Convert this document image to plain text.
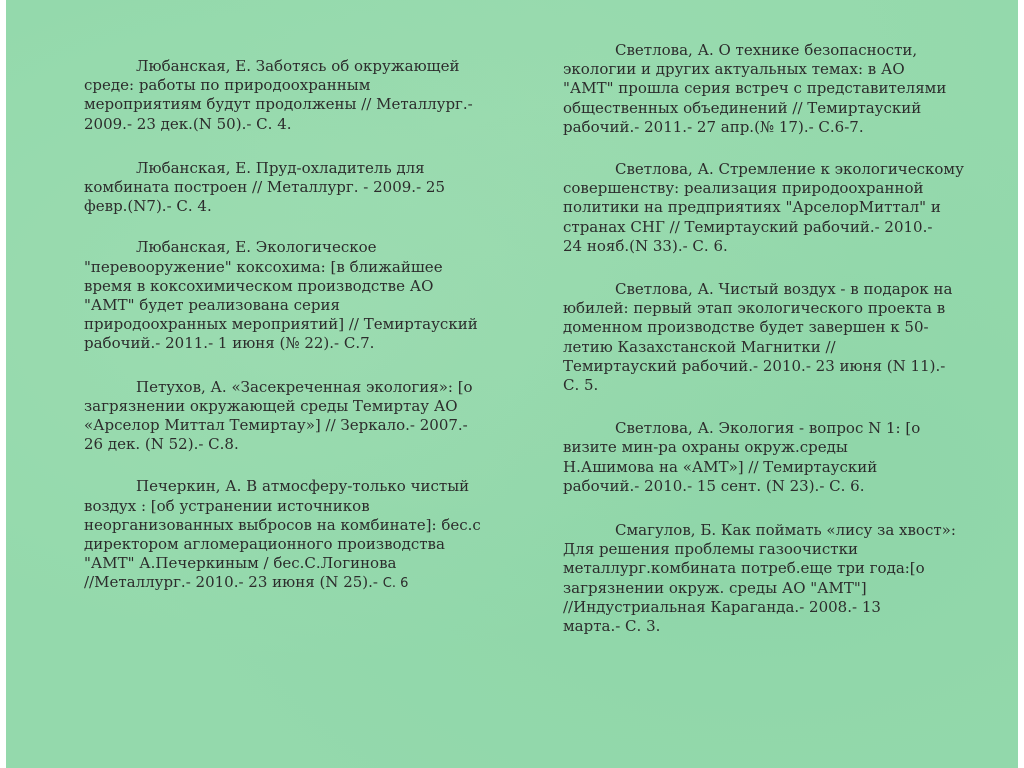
Любанская, Е. Заботясь об окружающей
среде: работы по природоохранным
мероприятиям будут продолжены // Металлург.-
2009.- 23 дек.(N 50).- С. 4.

Любанская, Е. Пруд-охладитель для
комбината построен // Металлург. - 2009.- 25
февр.(N7).- С. 4.

Любанская, Е. Экологическое
"перевооружение" коксохима: [в ближайшее
время в коксохимическом производстве АО
"АМТ" будет реализована серия
природоохранных мероприятий] // Темиртауский
рабочий.- 2011.- 1 июня (№ 22).- С.7.

Петухов, А. «Засекреченная экология»: [о
загрязнении окружающей среды Темиртау АО
«Арселор Миттал Темиртау»] // Зеркало.- 2007.-
26 дек. (N 52).- С.8.

Печеркин, А. В атмосферу-только чистый
воздух : [об устранении источников
неорганизованных выбросов на комбинате]: бес.с
директором агломерационного производства
"АМТ" А.Печеркиным / бес.С.Логинова
//Металлург.- 2010.- 23 июня (N 25).- С. 6

Светлова, А. О технике безопасности,
экологии и других актуальных темах: в АО
"АМТ" прошла серия встреч с представителями
общественных объединений // Темиртауский
рабочий.- 2011.- 27 апр.(№ 17).- С.6-7.

Светлова, А. Стремление к экологическому
совершенству: реализация природоохранной
политики на предприятиях "АрселорМиттал" и
странах СНГ // Темиртауский рабочий.- 2010.-
24 нояб.(N 33).- С. 6.

Светлова, А. Чистый воздух - в подарок на
юбилей: первый этап экологического проекта в
доменном производстве будет завершен к 50-
летию Казахстанской Магнитки //
Темиртауский рабочий.- 2010.- 23 июня (N 11).-
С. 5.

Светлова, А. Экология - вопрос N 1: [о
визите мин-ра охраны окруж.среды
Н.Ашимова на «АМТ»] // Темиртауский
рабочий.- 2010.- 15 сент. (N 23).- С. 6.

Смагулов, Б. Как поймать «лису за хвост»:
Для решения проблемы газоочистки
металлург.комбината потреб.еще три года:[о
загрязнении окруж. среды АО "АМТ"]
//Индустриальная Караганда.- 2008.- 13
марта.- С. 3.
